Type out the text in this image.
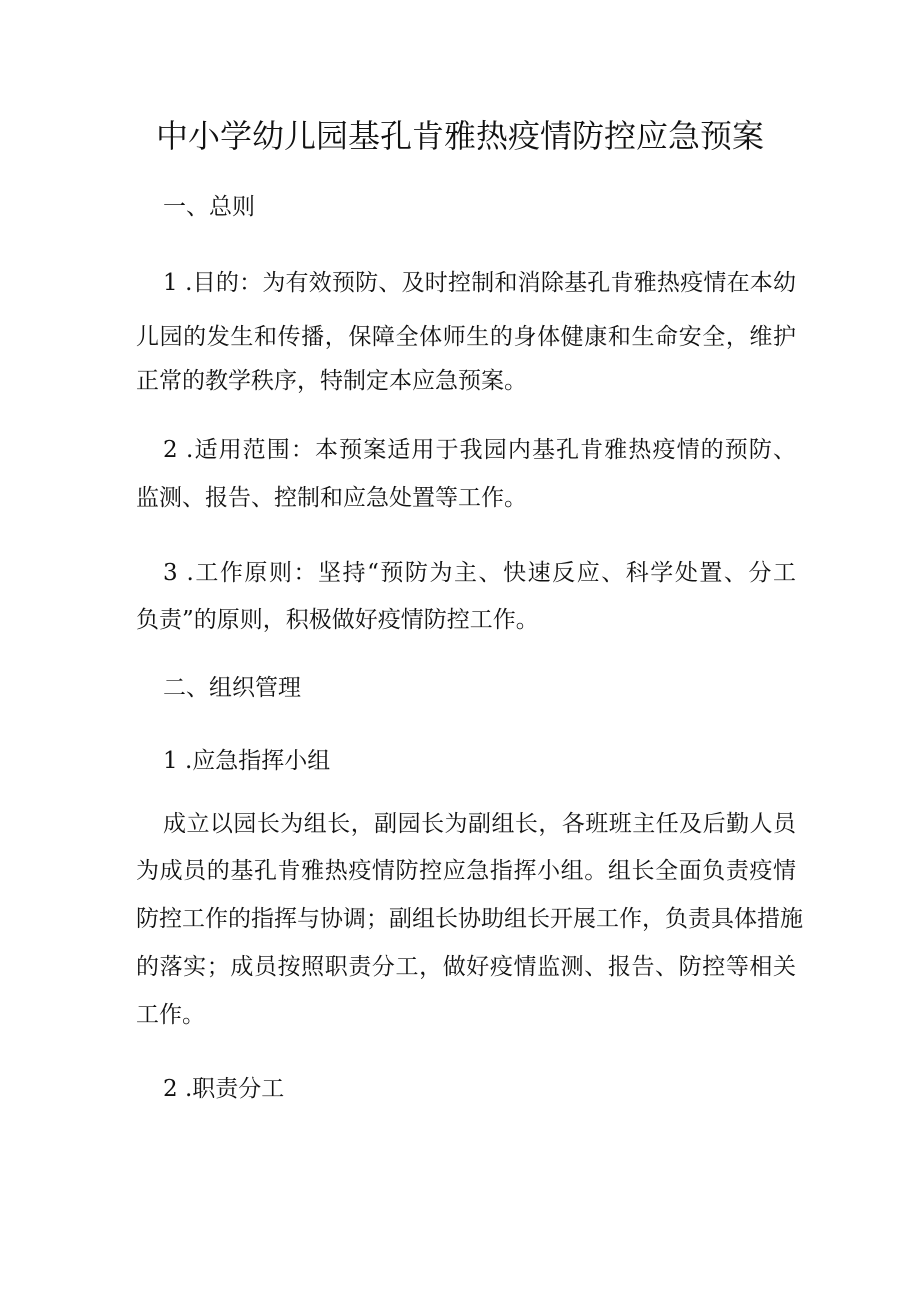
中小学幼儿园基孔肯雅热疫情防控应急预案
一、总则

1 .目的：为有效预防、及时控制和消除基孔肯雅热疫情在本幼

儿园的发生和传播，保障全体师生的身体健康和生命安全，维护

正常的教学秩序，特制定本应急预案。

2 .适用范围：本预案适用于我园内基孔肯雅热疫情的预防、

监测、报告、控制和应急处置等工作。

3 .工作原则：坚持“预防为主、快速反应、科学处置、分工

负责”的原则，积极做好疫情防控工作。

二、组织管理
1 .应急指挥小组

成立以园长为组长，副园长为副组长，各班班主任及后勤人员

为成员的基孔肯雅热疫情防控应急指挥小组。组长全面负责疫情

防控工作的指挥与协调；副组长协助组长开展工作，负责具体措施

的落实；成员按照职责分工，做好疫情监测、报告、防控等相关

工作。

2 .职责分工
